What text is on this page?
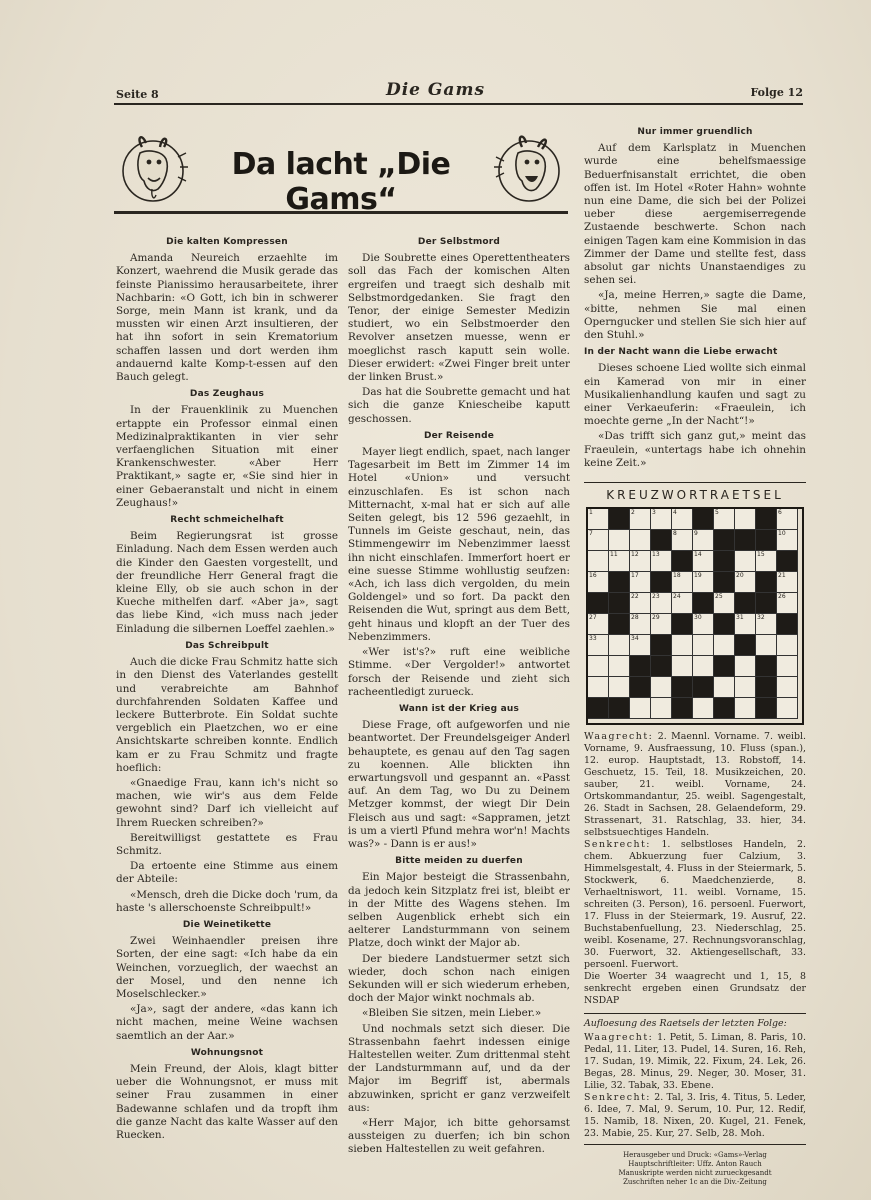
Seite 8	Die Gams	Folge 12
Da lacht „Die Gams“
Die kalten Kompressen
Amanda Neureich erzaehlte im Konzert, waehrend die Musik gerade das feinste Pianissimo herausarbeitete, ihrer Nachbarin: «O Gott, ich bin in schwerer Sorge, mein Mann ist krank, und da mussten wir einen Arzt insultieren, der hat ihn sofort in sein Krematorium schaffen lassen und dort werden ihm andauernd kalte Komp-t-essen auf den Bauch gelegt.
Das Zeughaus
In der Frauenklinik zu Muenchen ertappte ein Professor einmal einen Medizinalpraktikanten in vier sehr verfaenglichen Situation mit einer Krankenschwester. «Aber Herr Praktikant,» sagte er, «Sie sind hier in einer Gebaeranstalt und nicht in einem Zeughaus!»
Recht schmeichelhaft
Beim Regierungsrat ist grosse Einladung. Nach dem Essen werden auch die Kinder den Gaesten vorgestellt, und der freundliche Herr General fragt die kleine Elly, ob sie auch schon in der Kueche mithelfen darf. «Aber ja», sagt das liebe Kind, «ich muss nach jeder Einladung die silbernen Loeffel zaehlen.»
Das Schreibpult
Auch die dicke Frau Schmitz hatte sich in den Dienst des Vaterlandes gestellt und verabreichte am Bahnhof durchfahrenden Soldaten Kaffee und leckere Butterbrote. Ein Soldat suchte vergeblich ein Plaetzchen, wo er eine Ansichtskarte schreiben konnte. Endlich kam er zu Frau Schmitz und fragte hoeflich:
«Gnaedige Frau, kann ich's nicht so machen, wie wir's aus dem Felde gewohnt sind? Darf ich vielleicht auf Ihrem Ruecken schreiben?»
Bereitwilligst gestattete es Frau Schmitz.
Da ertoente eine Stimme aus einem der Abteile:
«Mensch, dreh die Dicke doch 'rum, da haste 's allerschoenste Schreibpult!»
Die Weinetikette
Zwei Weinhaendler preisen ihre Sorten, der eine sagt: «Ich habe da ein Weinchen, vorzueglich, der waechst an der Mosel, und den nenne ich Moselschlecker.»
«Ja», sagt der andere, «das kann ich nicht machen, meine Weine wachsen saemtlich an der Aar.»
Wohnungsnot
Mein Freund, der Alois, klagt bitter ueber die Wohnungsnot, er muss mit seiner Frau zusammen in einer Badewanne schlafen und da tropft ihm die ganze Nacht das kalte Wasser auf den Ruecken.
Der Selbstmord
Die Soubrette eines Operettentheaters soll das Fach der komischen Alten ergreifen und traegt sich deshalb mit Selbstmordgedanken. Sie fragt den Tenor, der einige Semester Medizin studiert, wo ein Selbstmoerder den Revolver ansetzen muesse, wenn er moeglichst rasch kaputt sein wolle. Dieser erwidert: «Zwei Finger breit unter der linken Brust.»
Das hat die Soubrette gemacht und hat sich die ganze Kniescheibe kaputt geschossen.
Der Reisende
Mayer liegt endlich, spaet, nach langer Tagesarbeit im Bett im Zimmer 14 im Hotel «Union» und versucht einzuschlafen. Es ist schon nach Mitternacht, x-mal hat er sich auf alle Seiten gelegt, bis 12 596 gezaehlt, in Tunnels im Geiste geschaut, nein, das Stimmengewirr im Nebenzimmer laesst ihn nicht einschlafen. Immerfort hoert er eine suesse Stimme wohllustig seufzen: «Ach, ich lass dich vergolden, du mein Goldengel» und so fort. Da packt den Reisenden die Wut, springt aus dem Bett, geht hinaus und klopft an der Tuer des Nebenzimmers.
«Wer ist's?» ruft eine weibliche Stimme. «Der Vergolder!» antwortet forsch der Reisende und zieht sich racheentledigt zurueck.
Wann ist der Krieg aus
Diese Frage, oft aufgeworfen und nie beantwortet. Der Freundelsgeiger Anderl behauptete, es genau auf den Tag sagen zu koennen. Alle blickten ihn erwartungsvoll und gespannt an. «Passt auf. An dem Tag, wo Du zu Deinem Metzger kommst, der wiegt Dir Dein Fleisch aus und sagt: «Sappramen, jetzt is um a viertl Pfund mehra wor'n! Machts was?» - Dann is er aus!»
Bitte meiden zu duerfen
Ein Major besteigt die Strassenbahn, da jedoch kein Sitzplatz frei ist, bleibt er in der Mitte des Wagens stehen. Im selben Augenblick erhebt sich ein aelterer Landsturmmann von seinem Platze, doch winkt der Major ab.
Der biedere Landstuermer setzt sich wieder, doch schon nach einigen Sekunden will er sich wiederum erheben, doch der Major winkt nochmals ab.
«Bleiben Sie sitzen, mein Lieber.»
Und nochmals setzt sich dieser. Die Strassenbahn faehrt indessen einige Haltestellen weiter. Zum drittenmal steht der Landsturmmann auf, und da der Major im Begriff ist, abermals abzuwinken, spricht er ganz verzweifelt aus:
«Herr Major, ich bitte gehorsamst aussteigen zu duerfen; ich bin schon sieben Haltestellen zu weit gefahren.
Nur immer gruendlich
Auf dem Karlsplatz in Muenchen wurde eine behelfsmaessige Beduerfnisanstalt errichtet, die oben offen ist. Im Hotel «Roter Hahn» wohnte nun eine Dame, die sich bei der Polizei ueber diese aergemiserregende Zustaende beschwerte. Schon nach einigen Tagen kam eine Kommision in das Zimmer der Dame und stellte fest, dass absolut gar nichts Unanstaendiges zu sehen sei.
«Ja, meine Herren,» sagte die Dame, «bitte, nehmen Sie mal einen Operngucker und stellen Sie sich hier auf den Stuhl.»
In der Nacht wann die Liebe erwacht
Dieses schoene Lied wollte sich einmal ein Kamerad von mir in einer Musikalienhandlung kaufen und sagt zu einer Verkaeuferin: «Fraeulein, ich moechte gerne „In der Nacht“!»
«Das trifft sich ganz gut,» meint das Fraeulein, «untertags habe ich ohnehin keine Zeit.»
KREUZWORTRAETSEL
1	2	3	4	5	6
7	8	9	10
11 12 13	14	15
16	17	18 19	20	21
22 23 24	25	26
27	28 29	30	31 32
33	34
Waagrecht: 2. Maennl. Vorname. 7. weibl. Vorname, 9. Ausfraessung, 10. Fluss (span.), 12. europ. Hauptstadt, 13. Robstoff, 14. Geschuetz, 15. Teil, 18. Musikzeichen, 20. sauber, 21. weibl. Vorname, 24. Ortskommandantur, 25. weibl. Sagengestalt, 26. Stadt in Sachsen, 28. Gelaendeform, 29. Strassenart, 31. Ratschlag, 33. hier, 34. selbstsuechtiges Handeln.
Senkrecht: 1. selbstloses Handeln, 2. chem. Abkuerzung fuer Calzium, 3. Himmelsgestalt, 4. Fluss in der Steiermark, 5. Stockwerk, 6. Maedchenzierde, 8. Verhaeltniswort, 11. weibl. Vorname, 15. schreiten (3. Person), 16. persoenl. Fuerwort, 17. Fluss in der Steiermark, 19. Ausruf, 22. Buchstabenfuellung, 23. Niederschlag, 25. weibl. Kosename, 27. Rechnungsvoranschlag, 30. Fuerwort, 32. Aktiengesellschaft, 33. persoenl. Fuerwort.
Die Woerter 34 waagrecht und 1, 15, 8 senkrecht ergeben einen Grundsatz der NSDAP
Aufloesung des Raetsels der letzten Folge:
Waagrecht: 1. Petit, 5. Liman, 8. Paris, 10. Pedal, 11. Liter, 13. Pudel, 14. Suren, 16. Reh, 17. Sudan, 19. Mimik, 22. Fixum, 24. Lek, 26. Begas, 28. Minus, 29. Neger, 30. Moser, 31. Lilie, 32. Tabak, 33. Ebene.
Senkrecht: 2. Tal, 3. Iris, 4. Titus, 5. Leder, 6. Idee, 7. Mal, 9. Serum, 10. Pur, 12. Redif, 15. Namib, 18. Nixen, 20. Kugel, 21. Fenek, 23. Mabie, 25. Kur, 27. Selb, 28. Moh.
Herausgeber und Druck: «Gams»-Verlag
Hauptschriftleiter: Uffz. Anton Rauch
Manuskripte werden nicht zurueckgesandt
Zuschriften neher 1c an die Div.-Zeitung
